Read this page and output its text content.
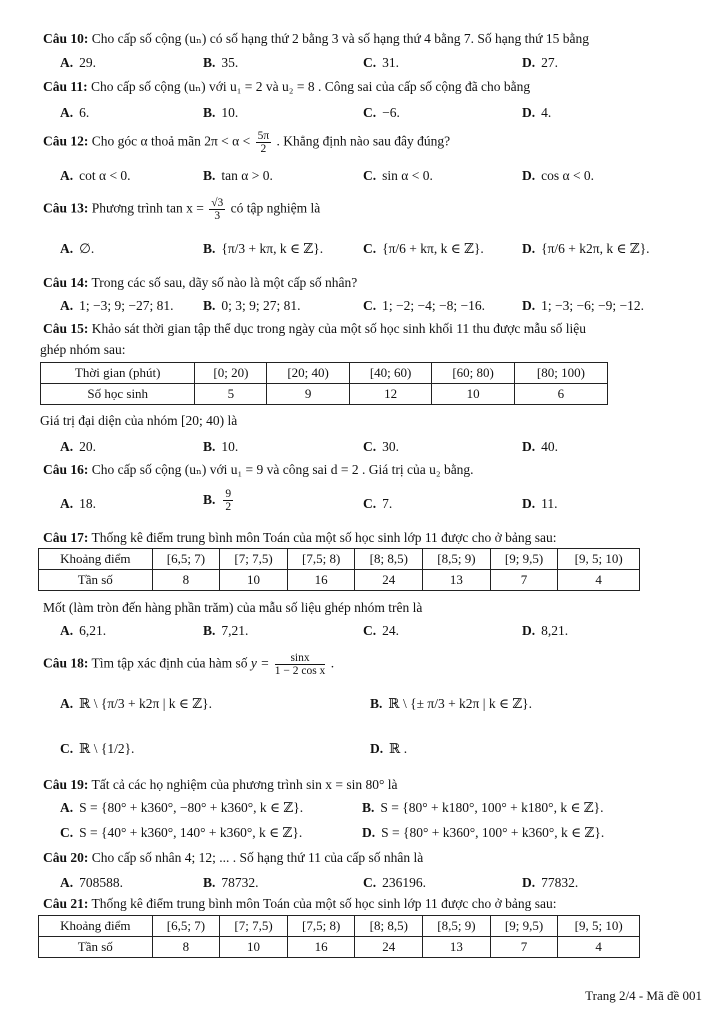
Câu 10: Cho cấp số cộng (uₙ) có số hạng thứ 2 bằng 3 và số hạng thứ 4 bằng 7. Số hạng thứ 15 bằng
A. 29.	B. 35.	C. 31.	D. 27.
Câu 11: Cho cấp số cộng (uₙ) với u₁ = 2 và u₂ = 8 . Công sai của cấp số cộng đã cho bằng
A. 6.	B. 10.	C. −6.	D. 4.
Câu 12: Cho góc α thoả mãn $2\pi < \alpha < \frac{5\pi}{2}$ . Khẳng định nào sau đây đúng?
A. cot α < 0.	B. tan α > 0.	C. sin α < 0.	D. cos α < 0.
Câu 13: Phương trình $\tan x = \frac{√3}{3}$ có tập nghiệm là
A. ∅.	B. {π/3 + kπ, k ∈ ℤ}.	C. {π/6 + kπ, k ∈ ℤ}.	D. {π/6 + k2π, k ∈ ℤ}.
Câu 14: Trong các số sau, dãy số nào là một cấp số nhân?
A. 1; −3; 9; −27; 81. B. 0; 3; 9; 27; 81.	C. 1; −2; −4; −8; −16.	D. 1; −3; −6; −9; −12.
Câu 15: Khảo sát thời gian tập thể dục trong ngày của một số học sinh khối 11 thu được mẫu số liệu
ghép nhóm sau:
Thời gian (phút)	[0; 20)	[20; 40)	[40; 60)	[60; 80)	[80; 100)
Số học sinh	5	9	12	10	6
Giá trị đại diện của nhóm [20; 40) là
A. 20.	B. 10.	C. 30.	D. 40.
Câu 16: Cho cấp số cộng (uₙ) với u₁ = 9 và công sai d = 2 . Giá trị của u₂ bằng.
A. 18.	B. $\frac{9}{2}$	C. 7.	D. 11.
Câu 17: Thống kê điểm trung bình môn Toán của một số học sinh lớp 11 được cho ở bảng sau:
Khoảng điểm	[6,5; 7)	[7; 7,5)	[7,5; 8)	[8; 8,5)	[8,5; 9)	[9; 9,5)	[9, 5; 10)
Tần số	8	10	16	24	13	7	4
Mốt (làm tròn đến hàng phần trăm) của mẫu số liệu ghép nhóm trên là
A. 6,21.	B. 7,21.	C. 24.	D. 8,21.
Câu 18: Tìm tập xác định của hàm số $y = \frac{\sin x}{\text{1 − 2 cos x}}$ .
A. ℝ \ {π/3 + k2π | k ∈ ℤ}.	B. ℝ \ {± π/3 + k2π | k ∈ ℤ}.
C. ℝ \ {1/2}.	D. ℝ .
Câu 19: Tất cả các họ nghiệm của phương trình sin x = sin 80° là
A. S = {80° + k360°, −80° + k360°, k ∈ ℤ}.	B. S = {80° + k180°, 100° + k180°, k ∈ ℤ}.
C. S = {40° + k360°, 140° + k360°, k ∈ ℤ}.	D. S = {80° + k360°, 100° + k360°, k ∈ ℤ}.
Câu 20: Cho cấp số nhân 4; 12; ... . Số hạng thứ 11 của cấp số nhân là
A. 708588.	B. 78732.	C. 236196.	D. 77832.
Câu 21: Thống kê điểm trung bình môn Toán của một số học sinh lớp 11 được cho ở bảng sau:
Khoảng điểm	[6,5; 7)	[7; 7,5)	[7,5; 8)	[8; 8,5)	[8,5; 9)	[9; 9,5)	[9, 5; 10)
Tần số	8	10	16	24	13	7	4
Trang 2/4 - Mã đề 001
